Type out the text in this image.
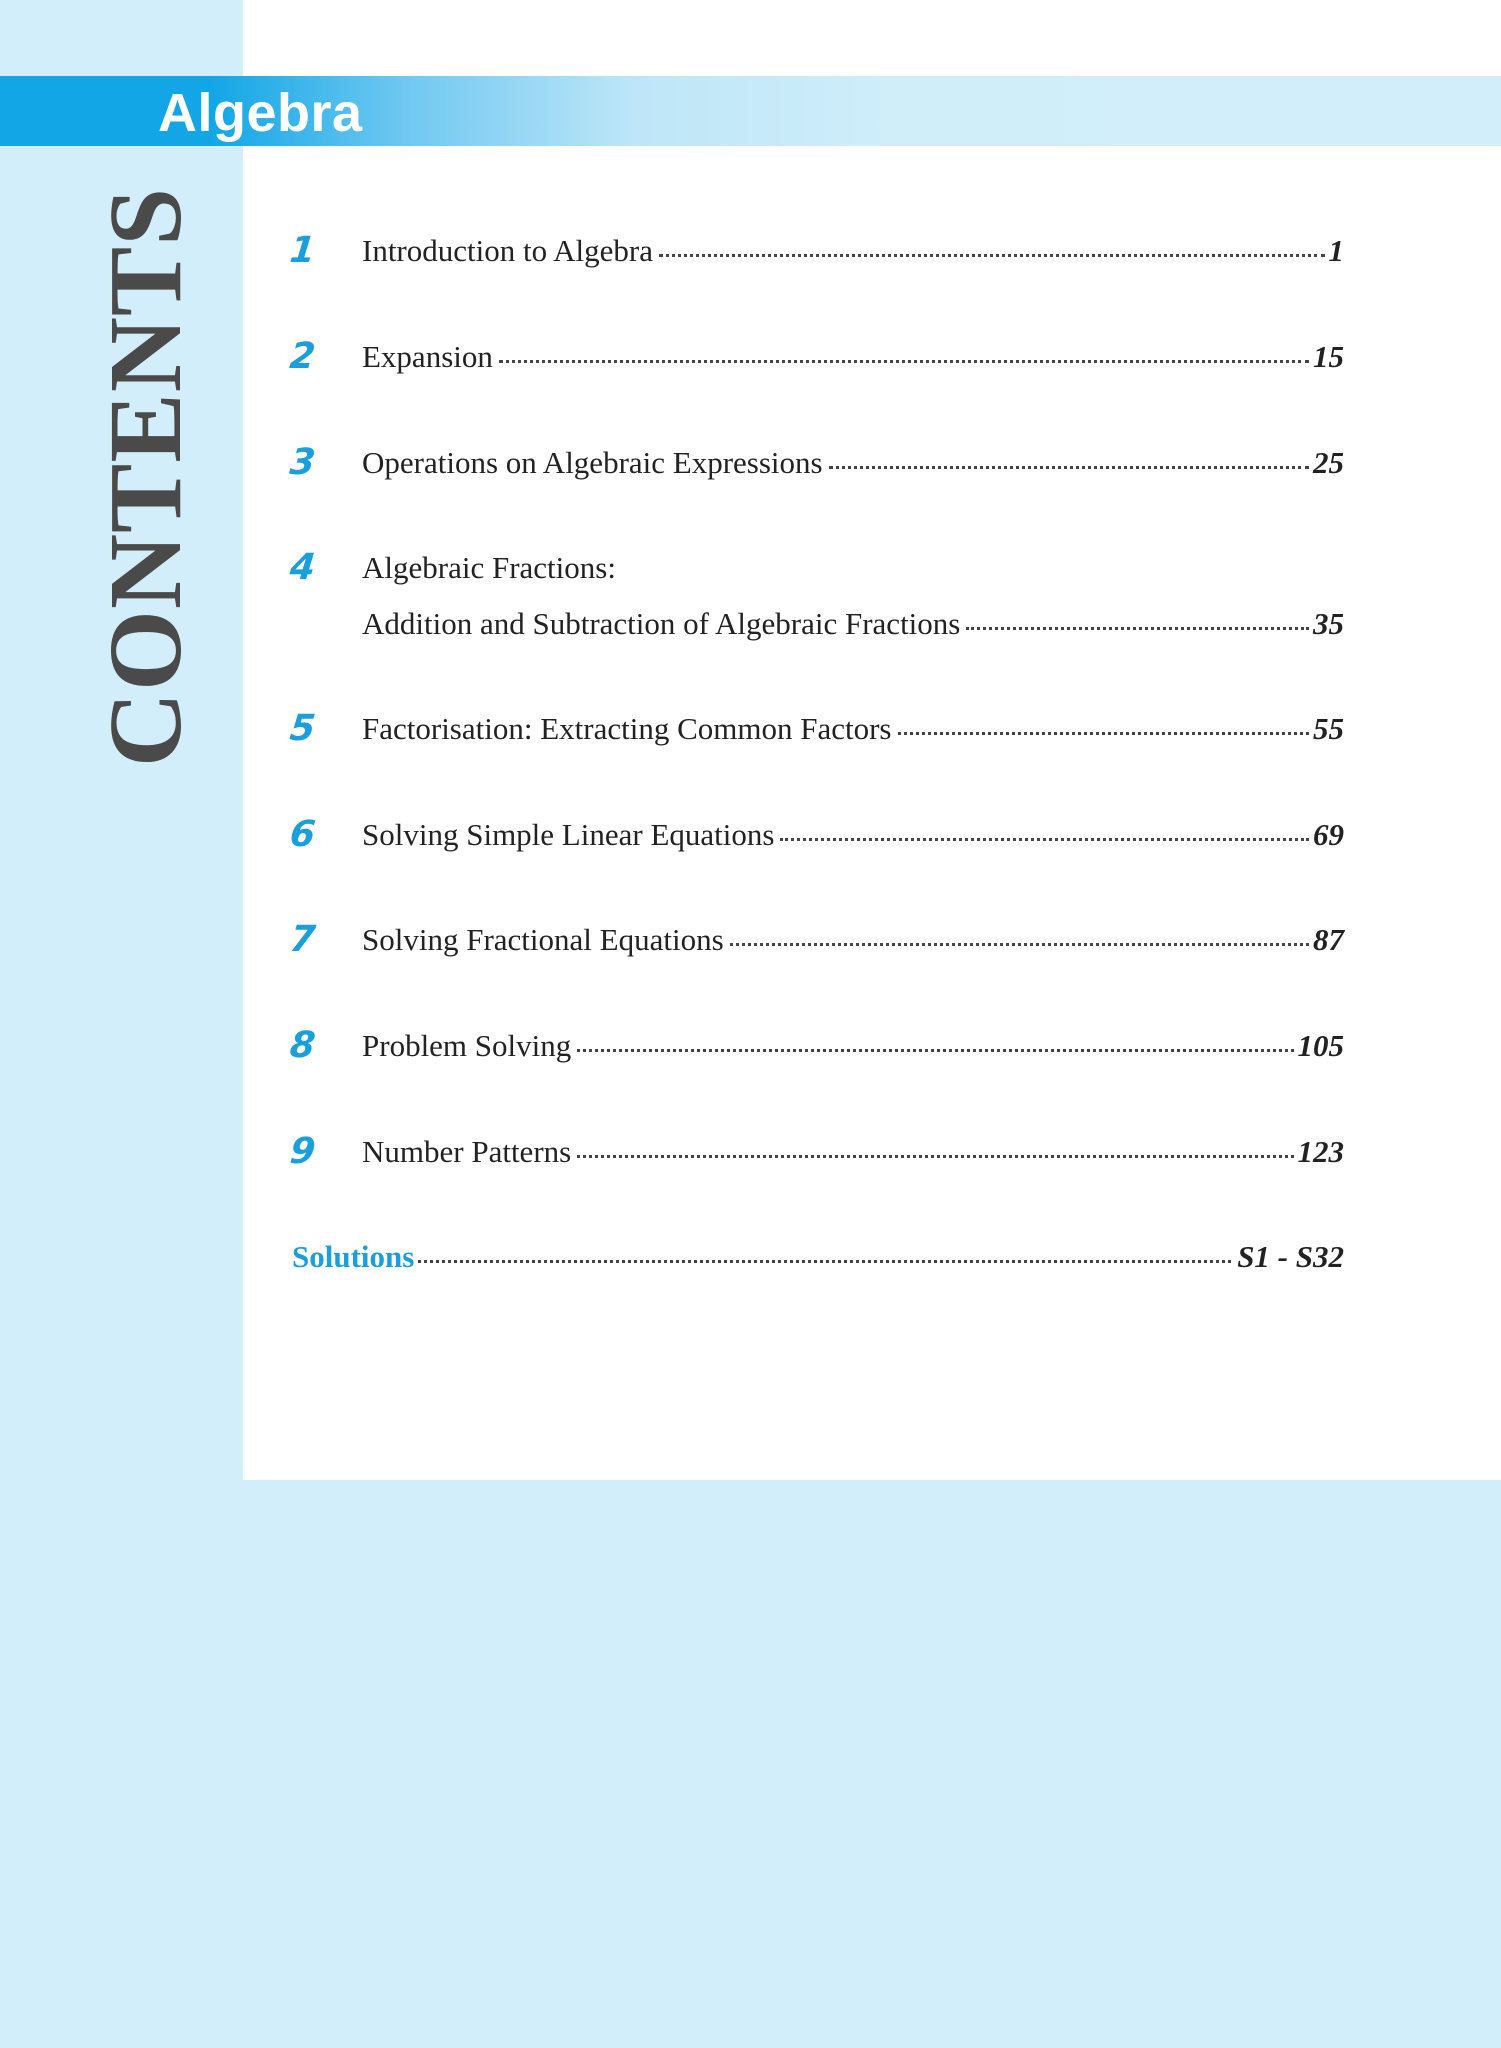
Algebra
CONTENTS 1 Introduction to Algebra	1
2 Expansion	15
3 Operations on Algebraic Expressions	25
4 Algebraic Fractions:
Addition and Subtraction of Algebraic Fractions	35
5 Factorisation: Extracting Common Factors	55
6 Solving Simple Linear Equations	69
7 Solving Fractional Equations	87
8 Problem Solving	105
9 Number Patterns	123
Solutions	S1 - S32
